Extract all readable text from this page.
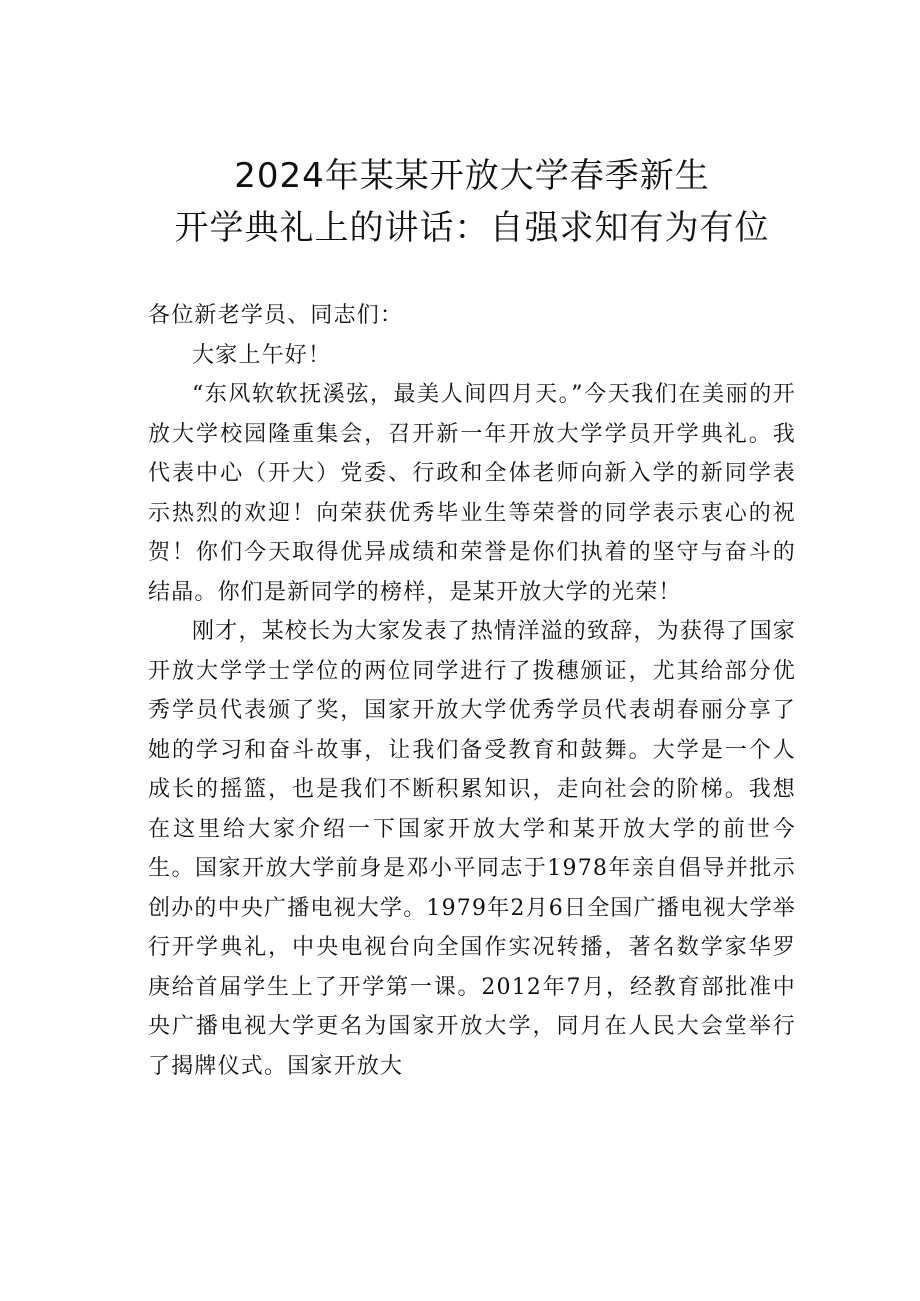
2024年某某开放大学春季新生
开学典礼上的讲话：自强求知有为有位

各位新老学员、同志们：

大家上午好！

“东风软软抚溪弦，最美人间四月天。”今天我们在美丽的开放大学校园隆重集会，召开新一年开放大学学员开学典礼。我代表中心（开大）党委、行政和全体老师向新入学的新同学表示热烈的欢迎！向荣获优秀毕业生等荣誉的同学表示衷心的祝贺！你们今天取得优异成绩和荣誉是你们执着的坚守与奋斗的结晶。你们是新同学的榜样，是某开放大学的光荣！

刚才，某校长为大家发表了热情洋溢的致辞，为获得了国家开放大学学士学位的两位同学进行了拨穗颁证，尤其给部分优秀学员代表颁了奖，国家开放大学优秀学员代表胡春丽分享了她的学习和奋斗故事，让我们备受教育和鼓舞。大学是一个人成长的摇篮，也是我们不断积累知识，走向社会的阶梯。我想在这里给大家介绍一下国家开放大学和某开放大学的前世今生。国家开放大学前身是邓小平同志于1978年亲自倡导并批示创办的中央广播电视大学。1979年2月6日全国广播电视大学举行开学典礼，中央电视台向全国作实况转播，著名数学家华罗庚给首届学生上了开学第一课。2012年7月，经教育部批准中央广播电视大学更名为国家开放大学，同月在人民大会堂举行了揭牌仪式。国家开放大
